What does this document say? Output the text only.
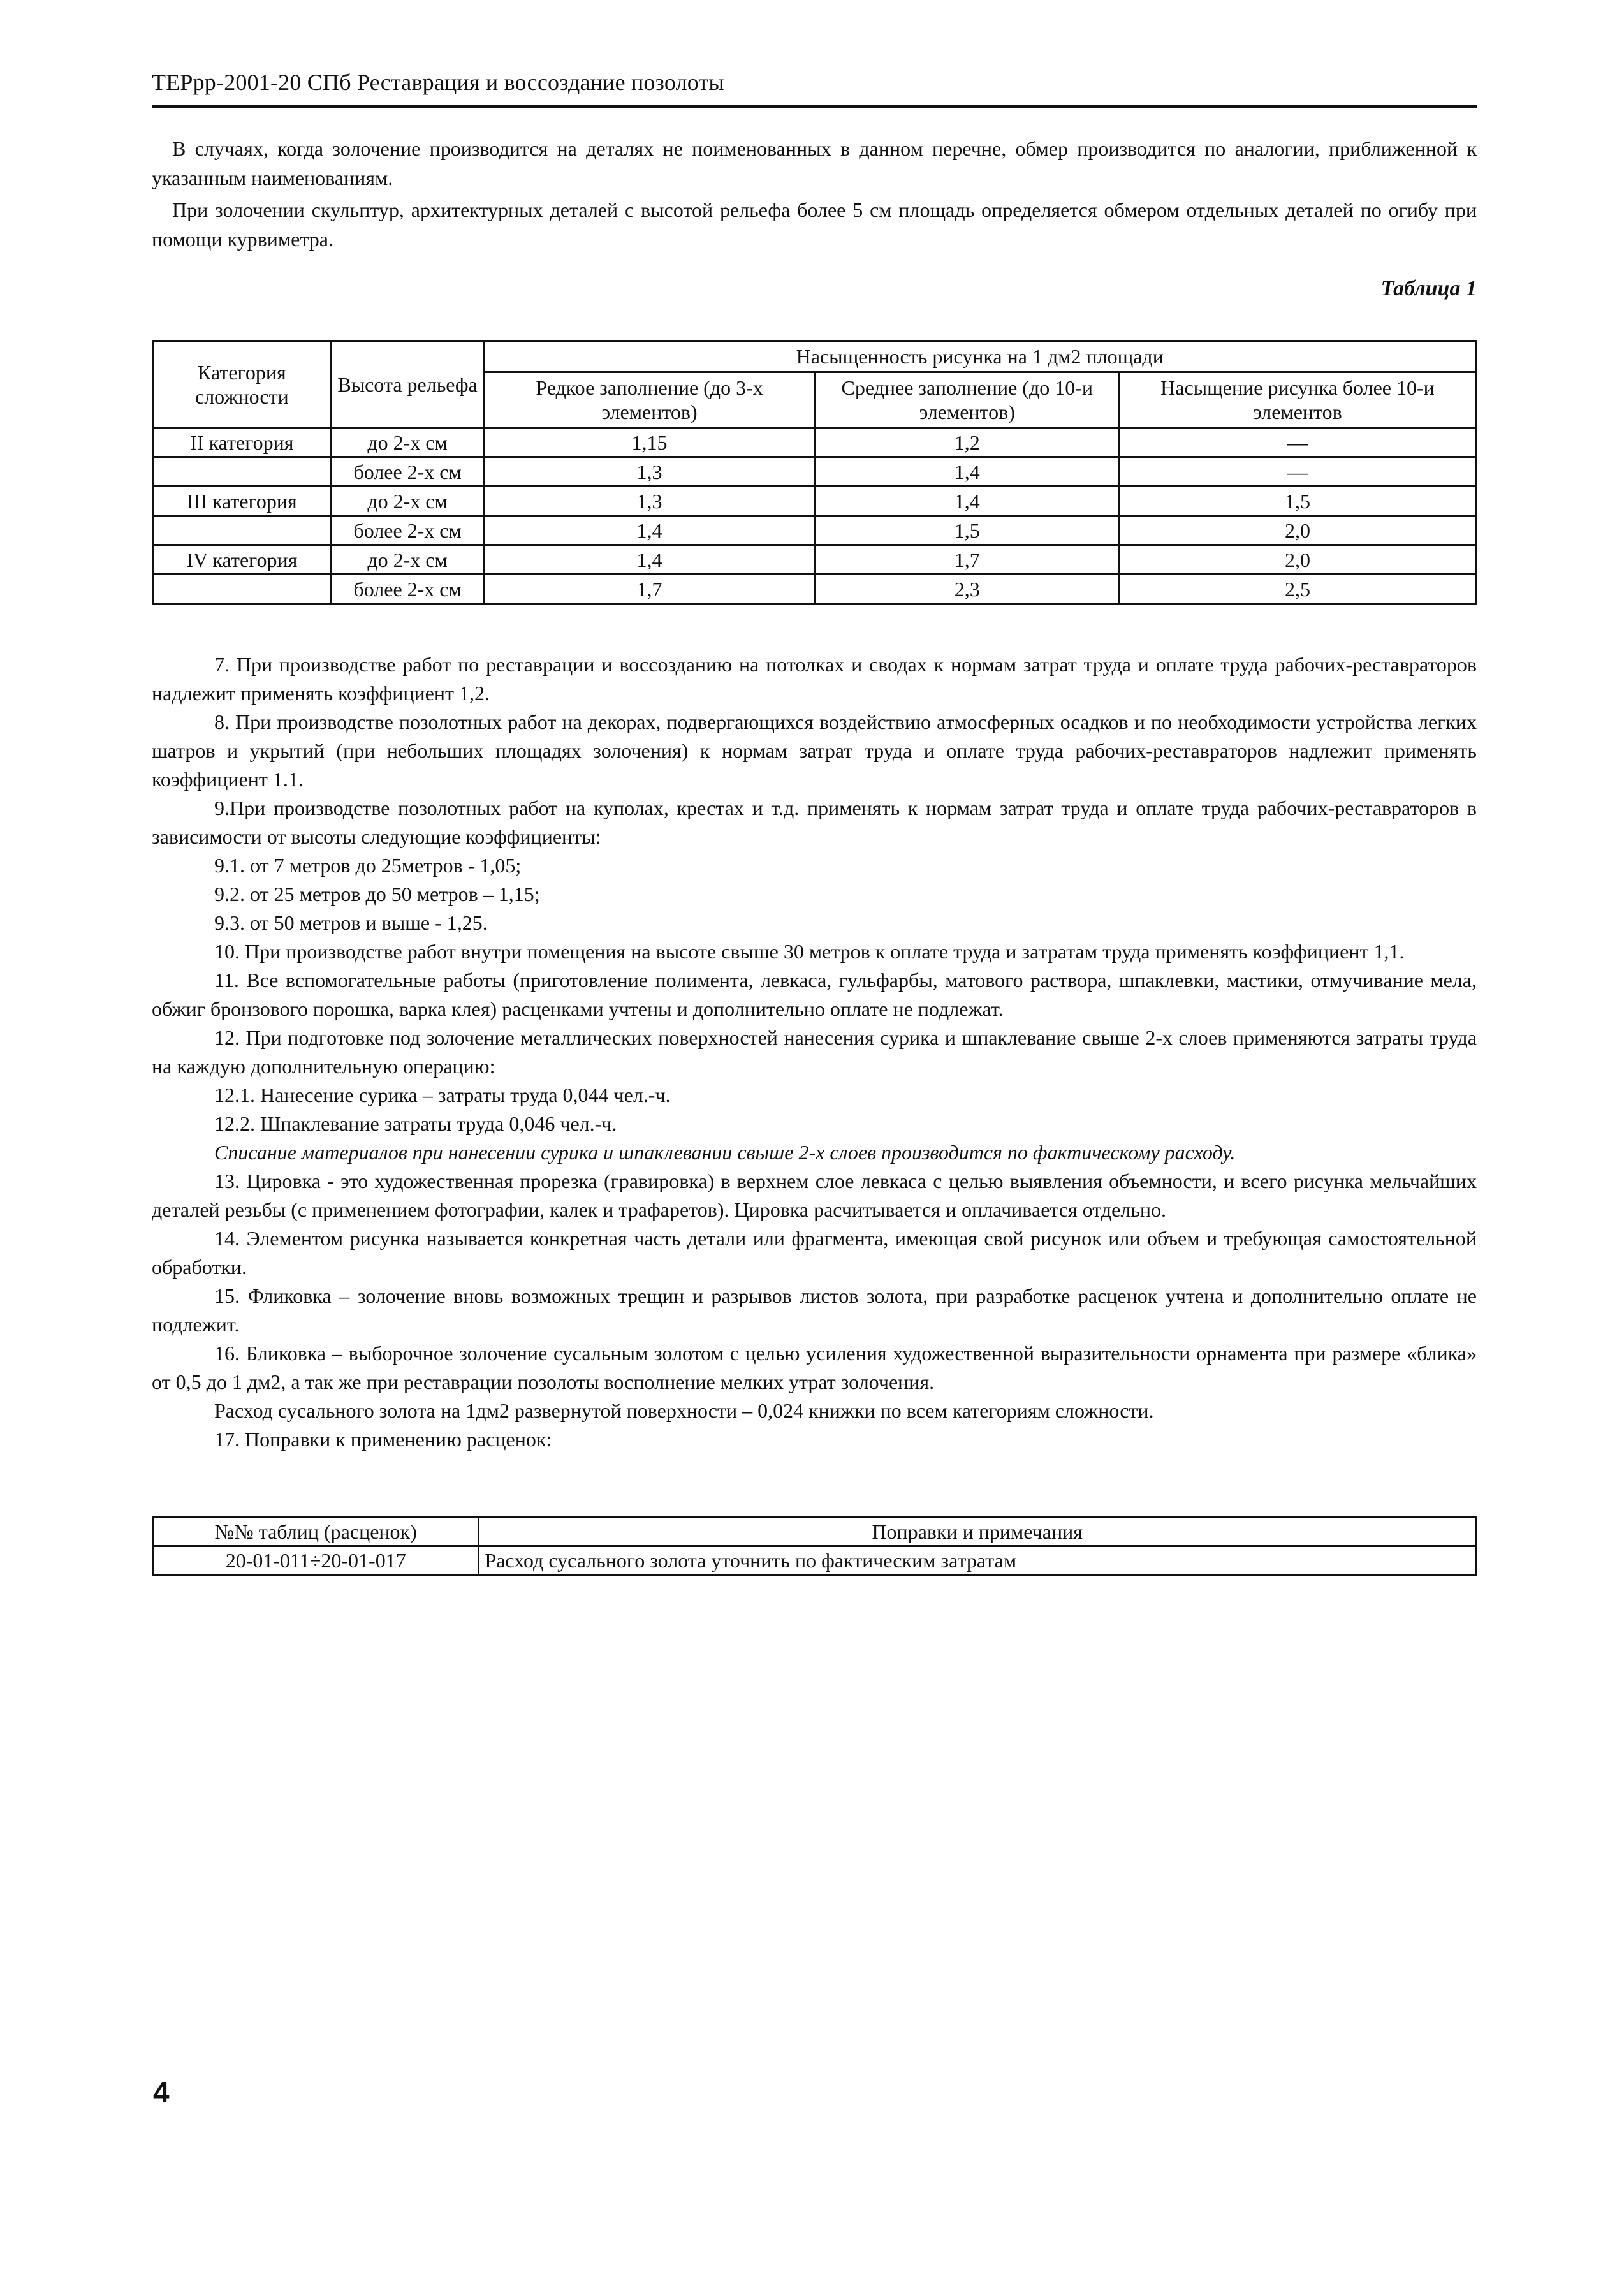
ТЕРрр-2001-20 СПб Реставрация и воссоздание позолоты

В случаях, когда золочение производится на деталях не поименованных в данном перечне, обмер производится по аналогии, приближенной к указанным наименованиям.

При золочении скульптур, архитектурных деталей с высотой рельефа более 5 см площадь определяется обмером отдельных деталей по огибу при помощи курвиметра.

Таблица 1
Категория сложности	Высота рельефа	Насыщенность рисунка на 1 дм2 площади		
		Редкое заполнение (до 3-х элементов)	Среднее заполнение (до 10-и элементов)	Насыщение рисунка более 10-и элементов
II категория	до 2-х см	1,15	1,2	—
	более 2-х см	1,3	1,4	—
III категория	до 2-х см	1,3	1,4	1,5
	более 2-х см	1,4	1,5	2,0
IV категория	до 2-х см	1,4	1,7	2,0
	более 2-х см	1,7	2,3	2,5

7. При производстве работ по реставрации и воссозданию на потолках и сводах к нормам затрат труда и оплате труда рабочих-реставраторов надлежит применять коэффициент 1,2.

8. При производстве позолотных работ на декорах, подвергающихся воздействию атмосферных осадков и по необходимости устройства легких шатров и укрытий (при небольших площадях золочения) к нормам затрат труда и оплате труда рабочих-реставраторов надлежит применять коэффициент 1.1.

9.При производстве позолотных работ на куполах, крестах и т.д. применять к нормам затрат труда и оплате труда рабочих-реставраторов в зависимости от высоты следующие коэффициенты:

9.1. от 7 метров до 25метров - 1,05;

9.2. от 25 метров до 50 метров – 1,15;

9.3. от 50 метров и выше - 1,25.

10. При производстве работ внутри помещения на высоте свыше 30 метров к оплате труда и затратам труда применять коэффициент 1,1.

11. Все вспомогательные работы (приготовление полимента, левкаса, гульфарбы, матового раствора, шпаклевки, мастики, отмучивание мела, обжиг бронзового порошка, варка клея) расценками учтены и дополнительно оплате не подлежат.

12. При подготовке под золочение металлических поверхностей нанесения сурика и шпаклевание свыше 2-х слоев применяются затраты труда на каждую дополнительную операцию:

12.1. Нанесение сурика – затраты труда 0,044 чел.-ч.

12.2. Шпаклевание затраты труда 0,046 чел.-ч.

Списание материалов при нанесении сурика и шпаклевании свыше 2-х слоев производится по фактическому расходу.

13. Цировка - это художественная прорезка (гравировка) в верхнем слое левкаса с целью выявления объемности, и всего рисунка мельчайших деталей резьбы (с применением фотографии, калек и трафаретов). Цировка расчитывается и оплачивается отдельно.

14. Элементом рисунка называется конкретная часть детали или фрагмента, имеющая свой рисунок или объем и требующая самостоятельной обработки.

15. Фликовка – золочение вновь возможных трещин и разрывов листов золота, при разработке расценок учтена и дополнительно оплате не подлежит.

16. Бликовка – выборочное золочение сусальным золотом с целью усиления художественной выразительности орнамента при размере «блика» от 0,5 до 1 дм2, а так же при реставрации позолоты восполнение мелких утрат золочения.

Расход сусального золота на 1дм2 развернутой поверхности – 0,024 книжки по всем категориям сложности.

17. Поправки к применению расценок:

№№ таблиц (расценок)	Поправки и примечания
20-01-011÷20-01-017	Расход сусального золота уточнить по фактическим затратам
4
